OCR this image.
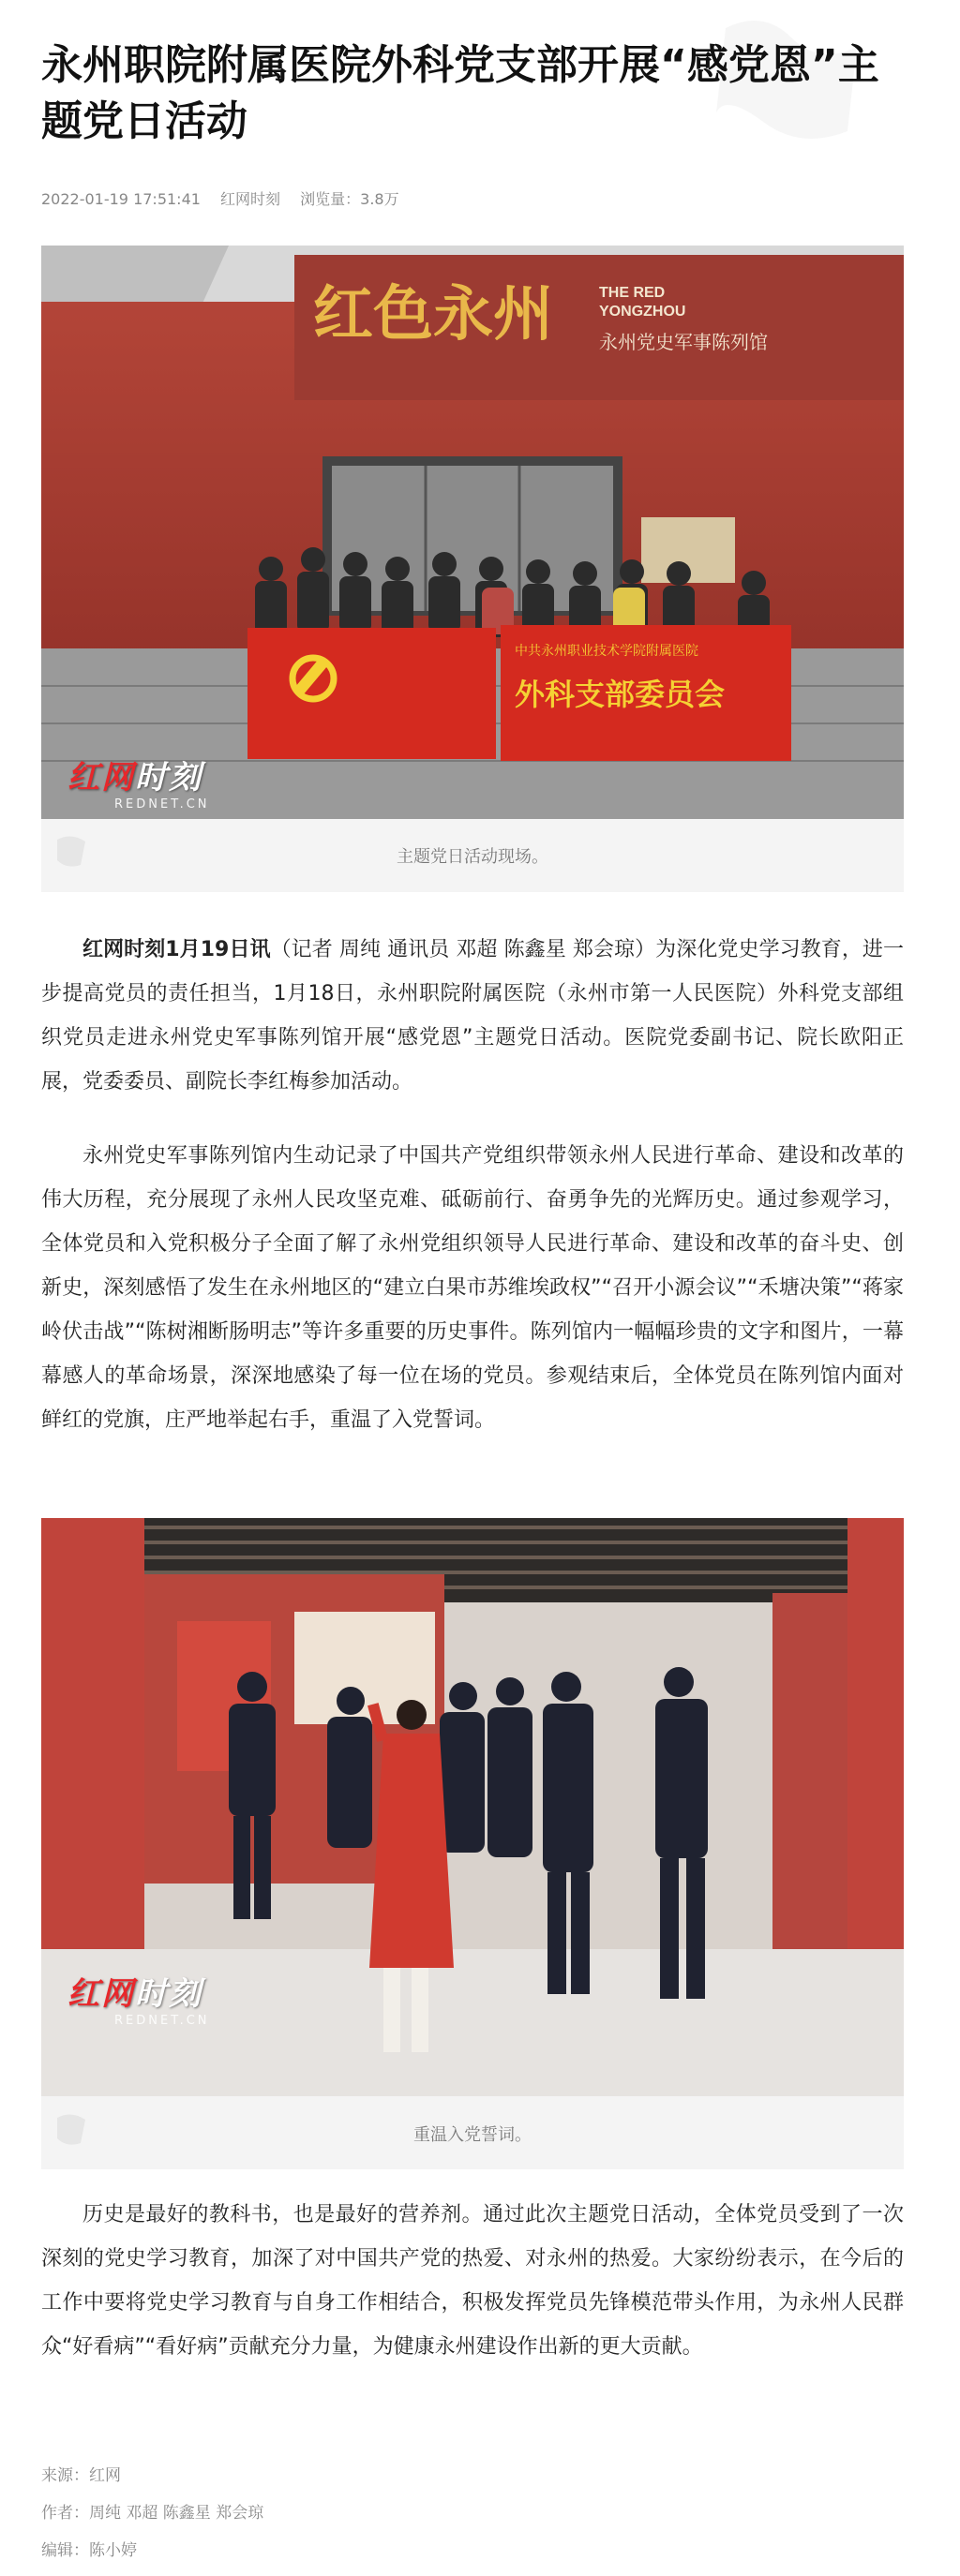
永州职院附属医院外科党支部开展“感党恩”主题党日活动
2022-01-19 17:51:41 红网时刻 浏览量：3.8万
红色永州	THE RED
YONGZHOU
永州党史军事陈列馆
中共永州职业技术学院附属医院
外科支部委员会
红网时刻
REDNET.CN
主题党日活动现场。

红网时刻1月19日讯（记者 周纯 通讯员 邓超 陈鑫星 郑会琼）为深化党史学习教育，进一步提高党员的责任担当，1月18日，永州职院附属医院（永州市第一人民医院）外科党支部组织党员走进永州党史军事陈列馆开展“感党恩”主题党日活动。医院党委副书记、院长欧阳正展，党委委员、副院长李红梅参加活动。

永州党史军事陈列馆内生动记录了中国共产党组织带领永州人民进行革命、建设和改革的伟大历程，充分展现了永州人民攻坚克难、砥砺前行、奋勇争先的光辉历史。通过参观学习，全体党员和入党积极分子全面了解了永州党组织领导人民进行革命、建设和改革的奋斗史、创新史，深刻感悟了发生在永州地区的“建立白果市苏维埃政权”“召开小源会议”“禾塘决策”“蒋家岭伏击战”“陈树湘断肠明志”等许多重要的历史事件。陈列馆内一幅幅珍贵的文字和图片，一幕幕感人的革命场景，深深地感染了每一位在场的党员。参观结束后，全体党员在陈列馆内面对鲜红的党旗，庄严地举起右手，重温了入党誓词。

红网时刻
REDNET.CN
重温入党誓词。

历史是最好的教科书，也是最好的营养剂。通过此次主题党日活动，全体党员受到了一次深刻的党史学习教育，加深了对中国共产党的热爱、对永州的热爱。大家纷纷表示，在今后的工作中要将党史学习教育与自身工作相结合，积极发挥党员先锋模范带头作用，为永州人民群众“好看病”“看好病”贡献充分力量，为健康永州建设作出新的更大贡献。

来源：红网
作者：周纯 邓超 陈鑫星 郑会琼
编辑：陈小婷
